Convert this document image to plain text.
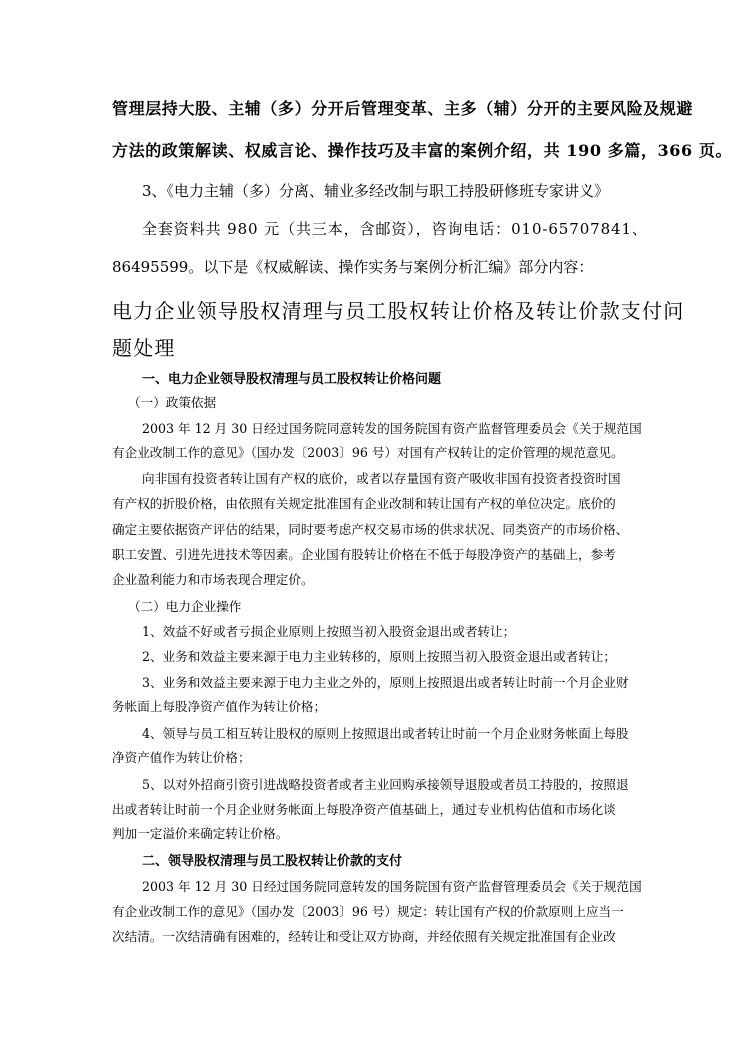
管理层持大股、主辅（多）分开后管理变革、主多（辅）分开的主要风险及规避
方法的政策解读、权威言论、操作技巧及丰富的案例介绍，共 190 多篇，366 页。
3、《电力主辅（多）分离、辅业多经改制与职工持股研修班专家讲义》
全套资料共 980 元（共三本，含邮资），咨询电话：010-65707841、
86495599。以下是《权威解读、操作实务与案例分析汇编》部分内容：
电力企业领导股权清理与员工股权转让价格及转让价款支付问
题处理
一、电力企业领导股权清理与员工股权转让价格问题
（一）政策依据
2003 年 12 月 30 日经过国务院同意转发的国务院国有资产监督管理委员会《关于规范国
有企业改制工作的意见》（国办发〔2003〕96 号）对国有产权转让的定价管理的规范意见。
向非国有投资者转让国有产权的底价，或者以存量国有资产吸收非国有投资者投资时国
有产权的折股价格，由依照有关规定批准国有企业改制和转让国有产权的单位决定。底价的
确定主要依据资产评估的结果，同时要考虑产权交易市场的供求状况、同类资产的市场价格、
职工安置、引进先进技术等因素。企业国有股转让价格在不低于每股净资产的基础上，参考
企业盈利能力和市场表现合理定价。
（二）电力企业操作
1、效益不好或者亏损企业原则上按照当初入股资金退出或者转让；
2、业务和效益主要来源于电力主业转移的，原则上按照当初入股资金退出或者转让；
3、业务和效益主要来源于电力主业之外的，原则上按照退出或者转让时前一个月企业财
务帐面上每股净资产值作为转让价格；
4、领导与员工相互转让股权的原则上按照退出或者转让时前一个月企业财务帐面上每股
净资产值作为转让价格；
5、以对外招商引资引进战略投资者或者主业回购承接领导退股或者员工持股的，按照退
出或者转让时前一个月企业财务帐面上每股净资产值基础上，通过专业机构估值和市场化谈
判加一定溢价来确定转让价格。
二、领导股权清理与员工股权转让价款的支付
2003 年 12 月 30 日经过国务院同意转发的国务院国有资产监督管理委员会《关于规范国
有企业改制工作的意见》（国办发〔2003〕96 号）规定：转让国有产权的价款原则上应当一
次结清。一次结清确有困难的，经转让和受让双方协商，并经依照有关规定批准国有企业改
